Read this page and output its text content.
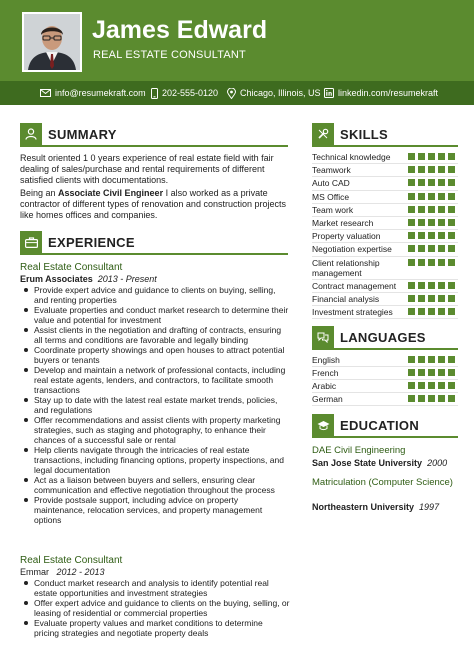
James Edward
REAL ESTATE CONSULTANT
info@resumekraft.com 202-555-0120 Chicago, Illinois, US linkedin.com/resumekraft
SUMMARY
Result oriented 1 0 years experience of real estate field with fair dealing of sales/purchase and rental requirements of different satisfied clients with documentations.
Being an Associate Civil Engineer I also worked as a private contractor of different types of renovation and construction projects like homes offices and companies.
EXPERIENCE
Real Estate Consultant
Erum Associates 2013 - Present
Provide expert advice and guidance to clients on buying, selling, and renting properties
Evaluate properties and conduct market research to determine their value and potential for investment
Assist clients in the negotiation and drafting of contracts, ensuring all terms and conditions are favorable and legally binding
Coordinate property showings and open houses to attract potential buyers or tenants
Develop and maintain a network of professional contacts, including real estate agents, lenders, and contractors, to facilitate smooth transactions
Stay up to date with the latest real estate market trends, policies, and regulations
Offer recommendations and assist clients with property marketing strategies, such as staging and photography, to enhance their chances of a successful sale or rental
Help clients navigate through the intricacies of real estate transactions, including financing options, property inspections, and legal documentation
Act as a liaison between buyers and sellers, ensuring clear communication and effective negotiation throughout the process
Provide postsale support, including advice on property maintenance, relocation services, and property management options
Real Estate Consultant
Emmar 2012 - 2013
Conduct market research and analysis to identify potential real estate opportunities and investment strategies
Offer expert advice and guidance to clients on the buying, selling, or leasing of residential or commercial properties
Evaluate property values and market conditions to determine pricing strategies and negotiate property deals
SKILLS
Technical knowledge
Teamwork
Auto CAD
MS Office
Team work
Market research
Property valuation
Negotiation expertise
Client relationship management
Contract management
Financial analysis
Investment strategies
LANGUAGES
English
French
Arabic
German
EDUCATION
DAE Civil Engineering
San Jose State University 2000
Matriculation (Computer Science)
Northeastern University 1997
